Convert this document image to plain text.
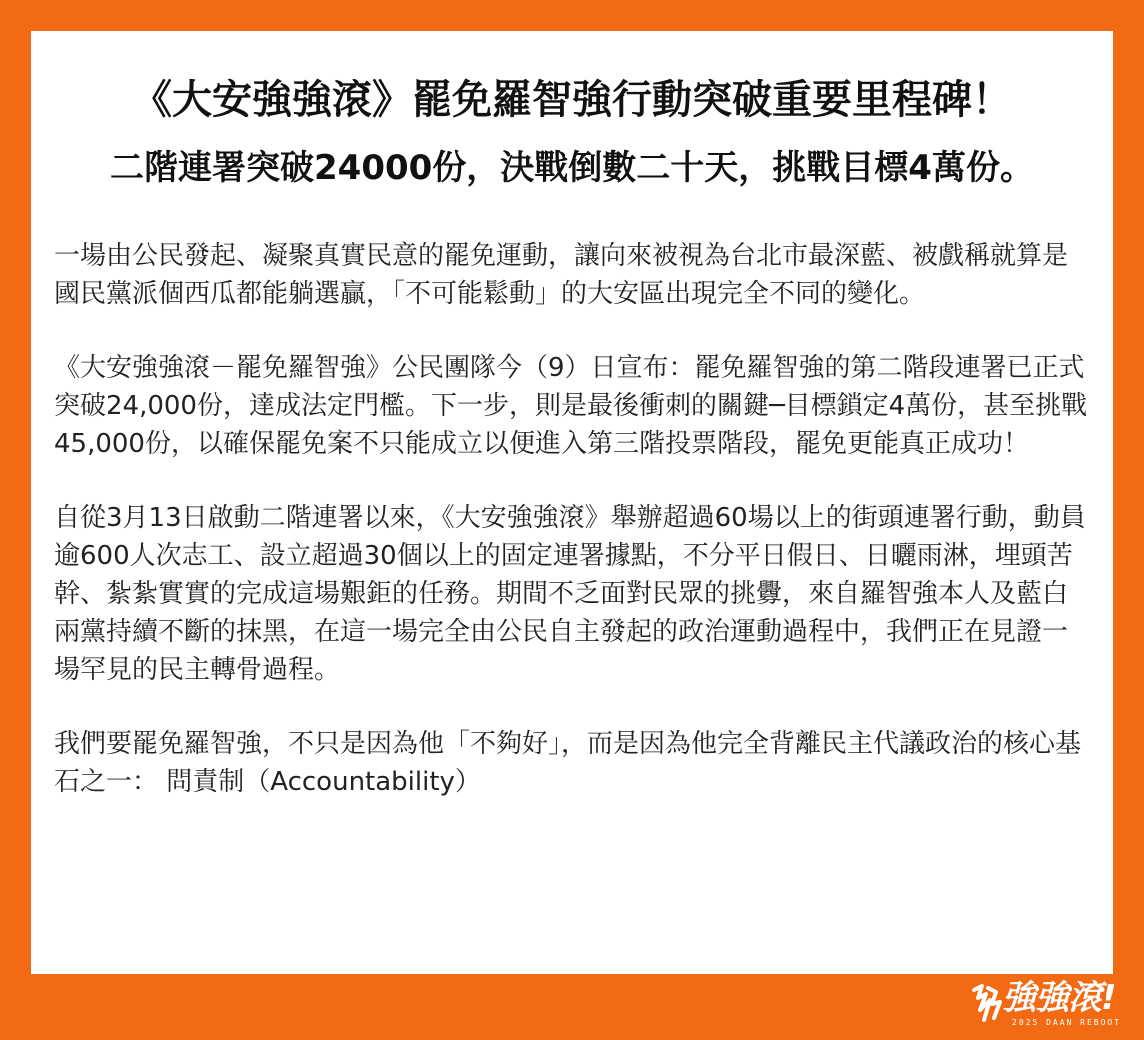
《大安強強滾》罷免羅智強行動突破重要里程碑！
二階連署突破24000份，決戰倒數二十天，挑戰目標4萬份。

一場由公民發起、凝聚真實民意的罷免運動，讓向來被視為台北市最深藍、被戲稱就算是國民黨派個西瓜都能躺選贏，「不可能鬆動」的大安區出現完全不同的變化。

《大安強強滾－罷免羅智強》公民團隊今（9）日宣布：罷免羅智強的第二階段連署已正式突破24,000份，達成法定門檻。下一步，則是最後衝刺的關鍵─目標鎖定4萬份，甚至挑戰45,000份，以確保罷免案不只能成立以便進入第三階投票階段，罷免更能真正成功！

自從3月13日啟動二階連署以來，《大安強強滾》舉辦超過60場以上的街頭連署行動，動員逾600人次志工、設立超過30個以上的固定連署據點，不分平日假日、日曬雨淋，埋頭苦幹、紮紮實實的完成這場艱鉅的任務。期間不乏面對民眾的挑釁，來自羅智強本人及藍白兩黨持續不斷的抹黑，在這一場完全由公民自主發起的政治運動過程中，我們正在見證一場罕見的民主轉骨過程。

我們要罷免羅智強，不只是因為他「不夠好」，而是因為他完全背離民主代議政治的核心基石之一： 問責制（Accountability）

強強滾!
2025 DAAN REBOOT
